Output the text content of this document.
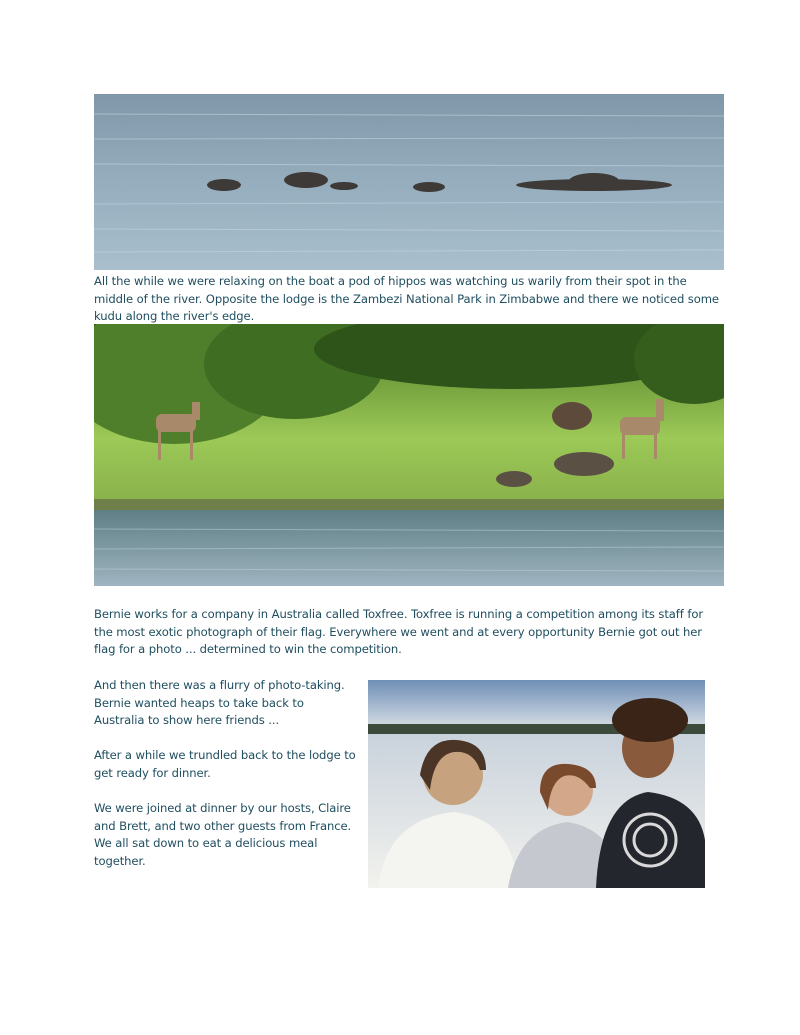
All the while we were relaxing on the boat a pod of hippos was watching us warily from their spot in the middle of the river. Opposite the lodge is the Zambezi National Park in Zimbabwe and there we noticed some kudu along the river's edge.

Bernie works for a company in Australia called Toxfree. Toxfree is running a competition among its staff for the most exotic photograph of their flag. Everywhere we went and at every opportunity Bernie got out her flag for a photo ... determined to win the competition.

And then there was a flurry of photo-taking. Bernie wanted heaps to take back to Australia to show here friends ...

After a while we trundled back to the lodge to get ready for dinner.

We were joined at dinner by our hosts, Claire and Brett, and two other guests from France. We all sat down to eat a delicious meal together.
